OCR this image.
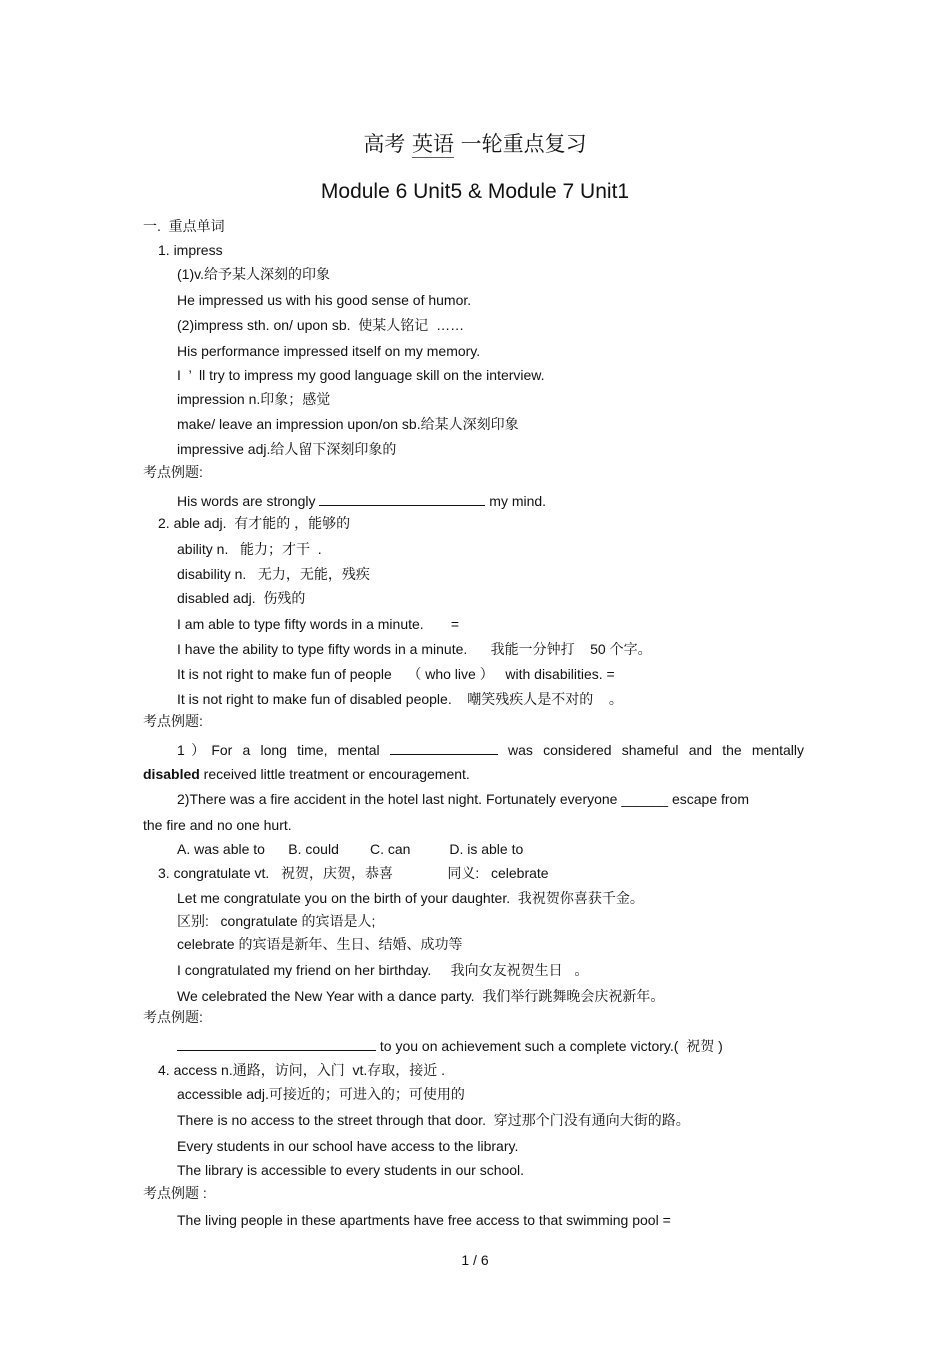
高考 英语 一轮重点复习
Module 6 Unit5 & Module 7 Unit1
一.  重点单词
1. impress
(1)v.给予某人深刻的印象
He impressed us with his good sense of humor.
(2)impress sth. on/ upon sb.  使某人铭记  ……
His performance impressed itself on my memory.
I  ’  ll try to impress my good language skill on the interview.
impression n.印象；感觉
make/ leave an impression upon/on sb.给某人深刻印象
impressive adj.给人留下深刻印象的
考点例题:
His words are strongly	my mind.
2. able adj.  有才能的 ，能够的
ability n.   能力；才干  .
disability n.   无力，无能，残疾
disabled adj.  伤残的
I am able to type fifty words in a minute.       =
I have the ability to type fifty words in a minute.      我能一分钟打    50 个字。
It is not right to make fun of people    （ who live ）   with disabilities. =
It is not right to make fun of disabled people.    嘲笑残疾人是不对的    。
考点例题:
1）For a long time, mental	was considered shameful and the mentally
disabled received little treatment or encouragement.
2)There was a fire accident in the hotel last night. Fortunately everyone ______ escape from
the fire and no one hurt.
A. was able to      B. could        C. can          D. is able to
3. congratulate vt.   祝贺，庆贺，恭喜              同义:   celebrate
Let me congratulate you on the birth of your daughter.  我祝贺你喜获千金。
区别:   congratulate 的宾语是人;
celebrate 的宾语是新年、生日、结婚、成功等
I congratulated my friend on her birthday.     我向女友祝贺生日   。
We celebrated the New Year with a dance party.  我们举行跳舞晚会庆祝新年。
考点例题:
to you on achievement such a complete victory.(  祝贺 )
4. access n.通路，访问，入门  vt.存取，接近 .
accessible adj.可接近的；可进入的；可使用的
There is no access to the street through that door.  穿过那个门没有通向大街的路。
Every students in our school have access to the library.
The library is accessible to every students in our school.
考点例题 :
The living people in these apartments have free access to that swimming pool =
1 / 6
